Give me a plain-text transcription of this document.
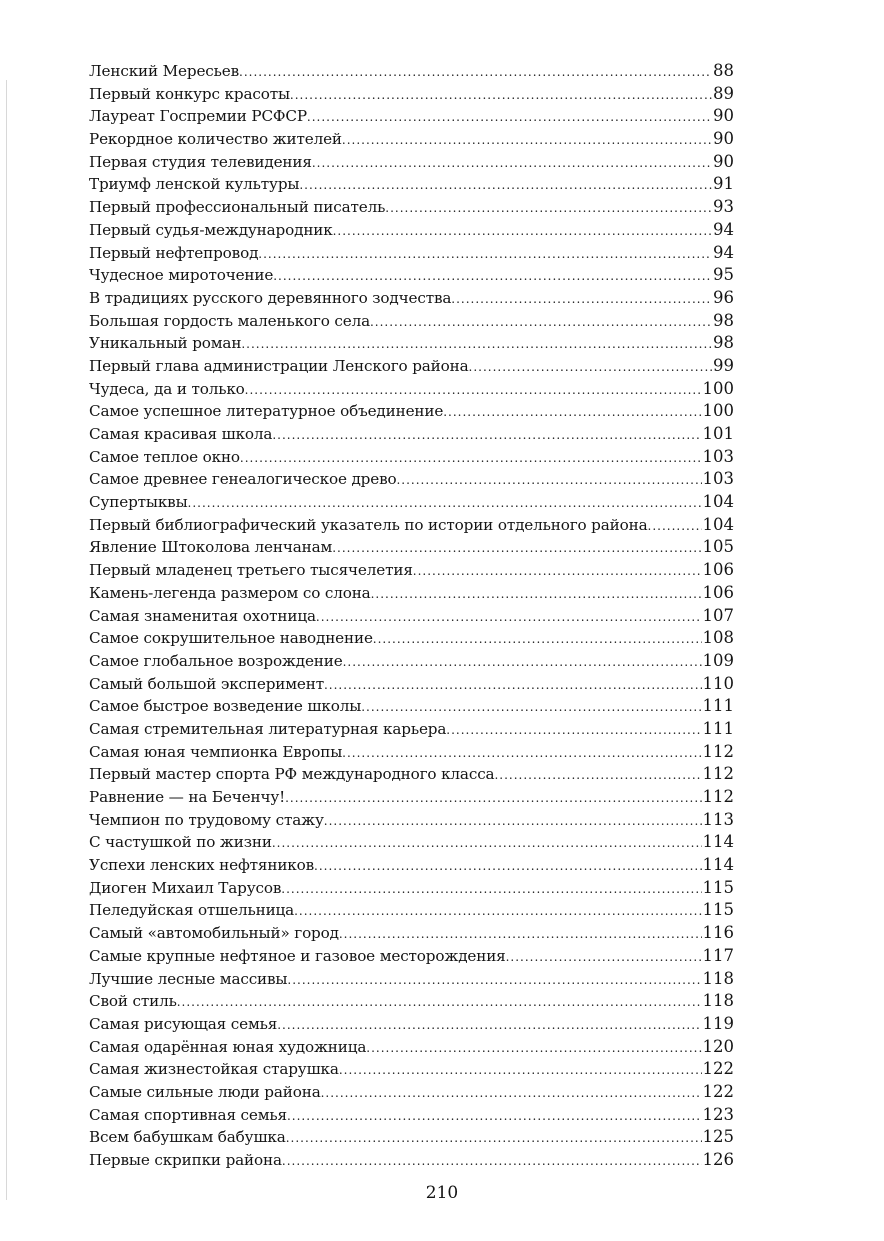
Ленский Мересьев .....	88
Первый конкурс красоты .....	89
Лауреат Госпремии РСФСР .....	90
Рекордное количество жителей .....	90
Первая студия телевидения .....	90
Триумф ленской культуры .....	91
Первый профессиональный писатель .....	93
Первый судья-международник .....	94
Первый нефтепровод .....	94
Чудесное мироточение .....	95
В традициях русского деревянного зодчества .....	96
Большая гордость маленького села .....	98
Уникальный роман .....	98
Первый глава администрации Ленского района .....	99
Чудеса, да и только .....	100
Самое успешное литературное объединение .....	100
Самая красивая школа .....	101
Самое теплое окно .....	103
Самое древнее генеалогическое древо .....	103
Супертыквы .....	104
Первый библиографический указатель по истории отдельного района .....	104
Явление Штоколова ленчанам .....	105
Первый младенец третьего тысячелетия .....	106
Камень-легенда размером со слона .....	106
Самая знаменитая охотница .....	107
Самое сокрушительное наводнение .....	108
Самое глобальное возрождение .....	109
Самый большой эксперимент .....	110
Самое быстрое возведение школы .....	111
Самая стремительная литературная карьера .....	111
Самая юная чемпионка Европы .....	112
Первый мастер спорта РФ международного класса .....	112
Равнение — на Беченчу! .....	112
Чемпион по трудовому стажу .....	113
С частушкой по жизни .....	114
Успехи ленских нефтяников .....	114
Диоген Михаил Тарусов .....	115
Пеледуйская отшельница .....	115
Самый «автомобильный» город .....	116
Самые крупные нефтяное и газовое месторождения .....	117
Лучшие лесные массивы .....	118
Свой стиль .....	118
Самая рисующая семья .....	119
Самая одарённая юная художница .....	120
Самая жизнестойкая старушка .....	122
Самые сильные люди района .....	122
Самая спортивная семья .....	123
Всем бабушкам бабушка .....	125
Первые скрипки района .....	126
210
